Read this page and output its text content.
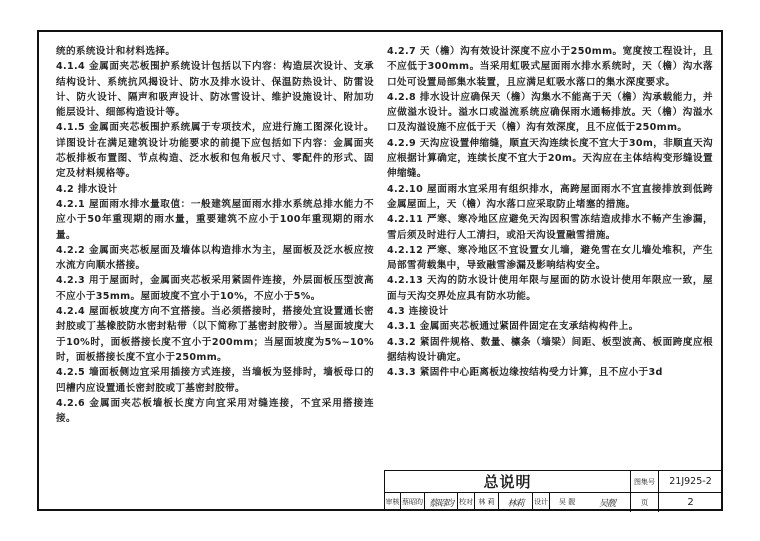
统的系统设计和材料选择。

4.1.4 金属面夹芯板围护系统设计包括以下内容：构造层次设计、支承结构设计、系统抗风揭设计、防水及排水设计、保温防热设计、防雷设计、防火设计、隔声和吸声设计、防冰雪设计、维护设施设计、附加功能层设计、细部构造设计等。

4.1.5 金属面夹芯板围护系统属于专项技术，应进行施工图深化设计。详图设计在满足建筑设计功能要求的前提下应包括如下内容：金属面夹芯板排板布置图、节点构造、泛水板和包角板尺寸、零配件的形式、固定及材料规格等。

4.2 排水设计

4.2.1 屋面雨水排水量取值：一般建筑屋面雨水排水系统总排水能力不应小于50年重现期的雨水量，重要建筑不应小于100年重现期的雨水量。

4.2.2 金属面夹芯板屋面及墙体以构造排水为主，屋面板及泛水板应按水流方向顺水搭接。

4.2.3 用于屋面时，金属面夹芯板采用紧固件连接，外层面板压型波高不应小于35mm。屋面坡度不宜小于10%，不应小于5%。

4.2.4 屋面板坡度方向不宜搭接。当必须搭接时，搭接处宜设置通长密封胶或丁基橡胶防水密封粘带（以下简称丁基密封胶带）。当屋面坡度大于10%时，面板搭接长度不宜小于200mm；当屋面坡度为5%~10%时，面板搭接长度不宜小于250mm。

4.2.5 墙面板侧边宜采用插接方式连接，当墙板为竖排时，墙板母口的凹槽内应设置通长密封胶或丁基密封胶带。

4.2.6 金属面夹芯板墙板长度方向宜采用对缝连接，不宜采用搭接连接。

4.2.7 天（檐）沟有效设计深度不应小于250mm。宽度按工程设计，且不应低于300mm。当采用虹吸式屋面雨水排水系统时，天（檐）沟水落口处可设置局部集水装置，且应满足虹吸水落口的集水深度要求。

4.2.8 排水设计应确保天（檐）沟集水不能高于天（檐）沟承载能力，并应做溢水设计。溢水口或溢流系统应确保雨水通畅排放。天（檐）沟溢水口及沟溢设施不应低于天（檐）沟有效深度，且不应低于250mm。

4.2.9 天沟应设置伸缩缝，顺直天沟连续长度不宜大于30m，非顺直天沟应根据计算确定，连续长度不宜大于20m。天沟应在主体结构变形缝设置伸缩缝。

4.2.10 屋面雨水宜采用有组织排水，高跨屋面雨水不宜直接排放到低跨金属屋面上，天（檐）沟水落口应采取防止堵塞的措施。

4.2.11 严寒、寒冷地区应避免天沟因积雪冻结造成排水不畅产生渗漏，雪后须及时进行人工清扫，或沿天沟设置融雪措施。

4.2.12 严寒、寒冷地区不宜设置女儿墙，避免雪在女儿墙处堆积，产生局部雪荷载集中，导致融雪渗漏及影响结构安全。

4.2.13 天沟的防水设计使用年限与屋面的防水设计使用年限应一致，屋面与天沟交界处应具有防水功能。

4.3 连接设计

4.3.1 金属面夹芯板通过紧固件固定在支承结构构件上。

4.3.2 紧固件规格、数量、檩条（墙梁）间距、板型波高、板面跨度应根据结构设计确定。

4.3.3 紧固件中心距离板边缘按结构受力计算，且不应小于3d

总说明	图集号	21J925-2
页	2
审核 蔡昭昀 蔡昭昀 校对 林 莉	林莉	设计	吴 靓	吴靓
